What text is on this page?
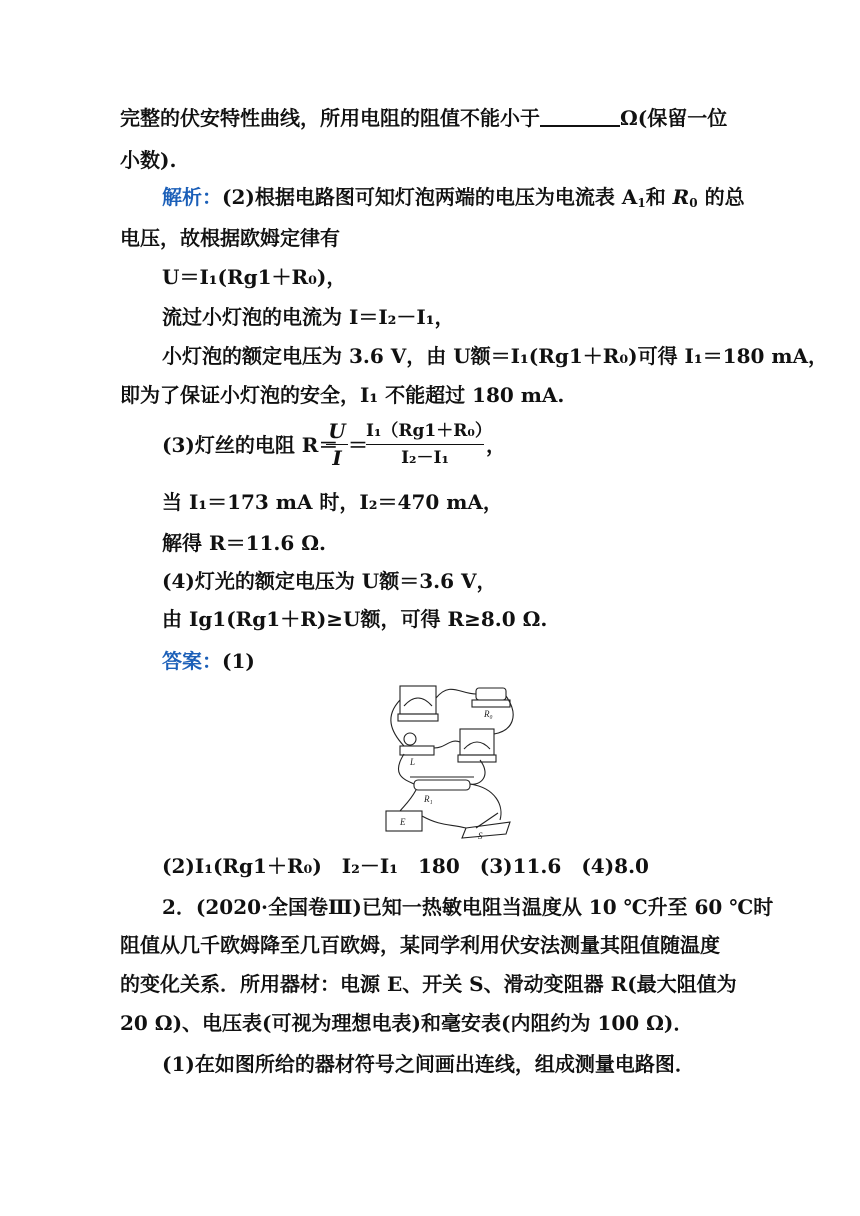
完整的伏安特性曲线，所用电阻的阻值不能小于	Ω(保留一位
小数).
解析：(2)根据电路图可知灯泡两端的电压为电流表 $A_1$和 $R_0$ 的总
电压，故根据欧姆定律有
U＝I₁(Rg1＋R₀)，
流过小灯泡的电流为 I＝I₂－I₁，
小灯泡的额定电压为 3.6 V，由 U额＝I₁(Rg1＋R₀)可得 I₁＝180 mA，
即为了保证小灯泡的安全，I₁ 不能超过 180 mA.
(3)灯丝的电阻 R＝
U
I
＝
I₁（Rg1＋R₀）
I₂－I₁
，
当 I₁＝173 mA 时，I₂＝470 mA，
解得 R＝11.6 Ω.
(4)灯光的额定电压为 U额＝3.6 V，
由 Ig1(Rg1＋R)≥U额，可得 R≥8.0 Ω.
答案：(1)
R₀
L
R₁
E
S
(2)I₁(Rg1＋R₀)　I₂－I₁　180　(3)11.6　(4)8.0
2．(2020·全国卷Ⅲ)已知一热敏电阻当温度从 10 ℃升至 60 ℃时
阻值从几千欧姆降至几百欧姆，某同学利用伏安法测量其阻值随温度
的变化关系．所用器材：电源 E、开关 S、滑动变阻器 R(最大阻值为
20 Ω)、电压表(可视为理想电表)和毫安表(内阻约为 100 Ω)．
(1)在如图所给的器材符号之间画出连线，组成测量电路图．
